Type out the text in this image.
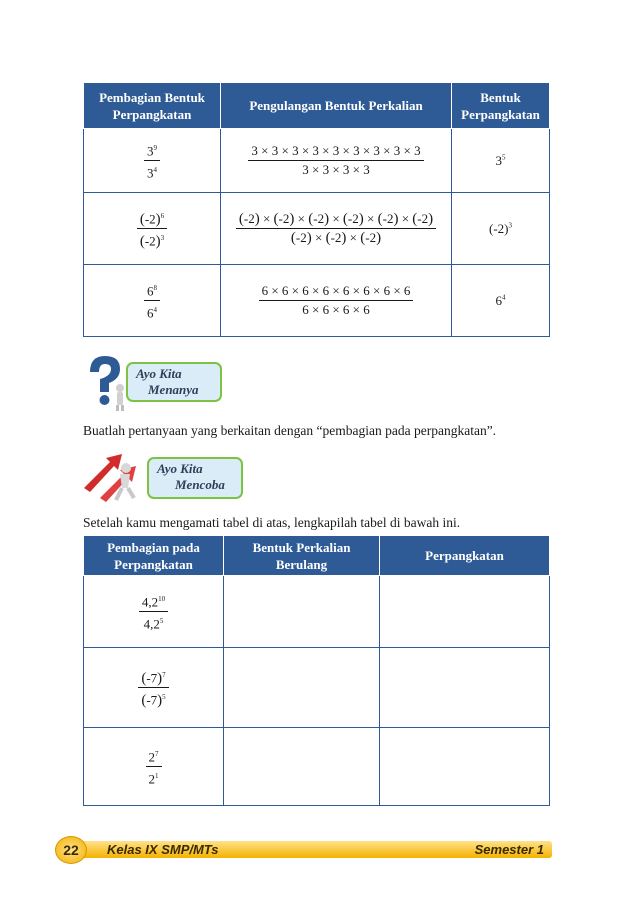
Pembagian Bentuk Perpangkatan	Pengulangan Bentuk Perkalian	Bentuk Perpangkatan

$\frac{3^9}{3^4}$	$\frac{3 \times 3 \times 3 \times 3 \times 3 \times 3 \times 3 \times 3 \times 3}{3 \times 3 \times 3 \times 3}$	$3^5$

$\frac{(-2)^6}{(-2)^3}$	$\frac{(-2) \times (-2) \times (-2) \times (-2) \times (-2) \times (-2)}{(-2) \times (-2) \times (-2)}$	$(-2)^3$

$\frac{6^8}{6^4}$	$\frac{6 \times 6 \times 6 \times 6 \times 6 \times 6 \times 6 \times 6}{6 \times 6 \times 6 \times 6}$	$6^4$
Ayo Kita
Menanya
Buatlah pertanyaan yang berkaitan dengan “pembagian pada perpangkatan”.
Ayo Kita
Mencoba
Setelah kamu mengamati tabel di atas, lengkapilah tabel di bawah ini.
Pembagian pada Perpangkatan	Bentuk Perkalian Berulang	Perpangkatan

$\frac{4,2^{10}}{4,2^5}$

$\frac{(-7)^7}{(-7)^5}$

$\frac{2^7}{2^1}$

Kelas IX SMP/MTs	Semester 1
22
